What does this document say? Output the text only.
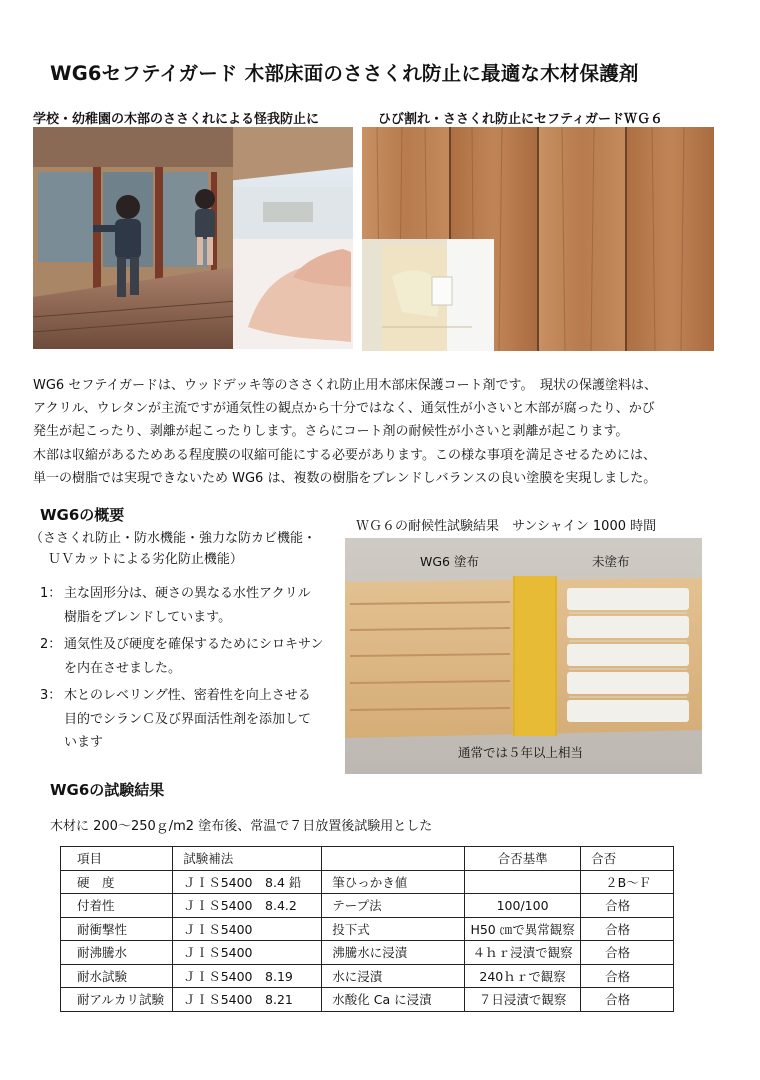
WG6セフテイガード 木部床面のささくれ防止に最適な木材保護剤
学校・幼稚園の木部のささくれによる怪我防止に	ひび割れ・ささくれ防止にセフティガードＷＧ６

WG6 セフテイガードは、ウッドデッキ等のささくれ防止用木部床保護コート剤です。　現状の保護塗料は、

アクリル、ウレタンが主流ですが通気性の観点から十分ではなく、通気性が小さいと木部が腐ったり、かび

発生が起こったり、剥離が起こったりします。さらにコート剤の耐候性が小さいと剥離が起こります。

木部は収縮があるためある程度膜の収縮可能にする必要があります。この様な事項を満足させるためには、

単一の樹脂では実現できないため WG6 は、複数の樹脂をブレンドしバランスの良い塗膜を実現しました。

WG6の概要
（ささくれ防止・防水機能・強力な防カビ機能・
ＵＶカットによる劣化防止機能）
1： 主な固形分は、硬さの異なる水性アクリル
樹脂をブレンドしています。
2： 通気性及び硬度を確保するためにシロキサン
を内在させました。
3： 木とのレベリング性、密着性を向上させる
目的でシランＣ及び界面活性剤を添加して
います
ＷＧ６の耐候性試験結果　サンシャイン 1000 時間
WG6 塗布	未塗布
通常では５年以上相当
WG6の試験結果
木材に 200～250ｇ/m2 塗布後、常温で７日放置後試験用とした
項目	試験補法		合否基準	合否
硬　度	ＪＩＳ5400　8.4 鉛	筆ひっかき値		２B～Ｆ
付着性	ＪＩＳ5400　8.4.2	テープ法	100/100	合格
耐衝撃性	ＪＩＳ5400	投下式	H50 ㎝で異常観察	合格
耐沸騰水	ＪＩＳ5400	沸騰水に浸漬	４ｈｒ浸漬で観察	合格
耐水試験	ＪＩＳ5400　8.19	水に浸漬	240ｈｒで観察	合格
耐アルカリ試験	ＪＩＳ5400　8.21	水酸化 Ca に浸漬	７日浸漬で観察	合格
